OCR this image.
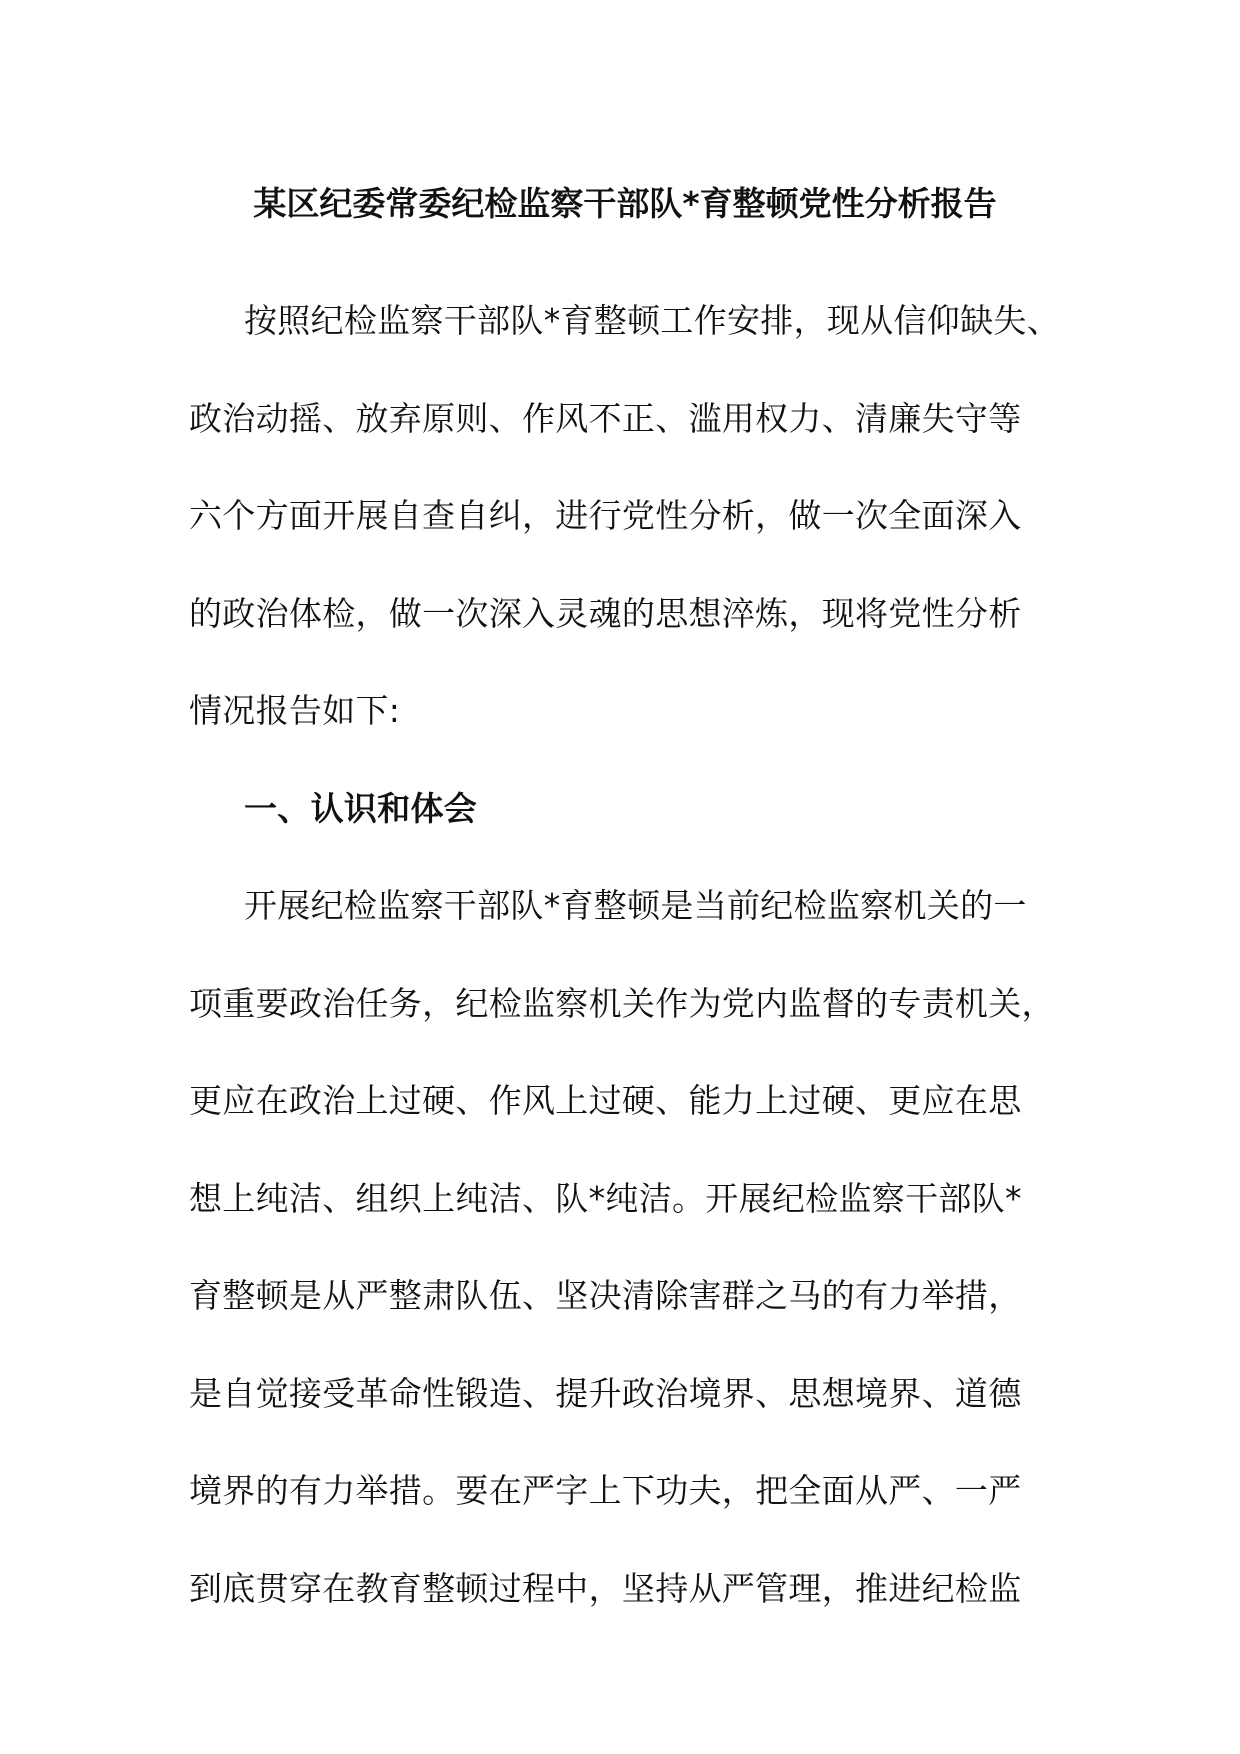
某区纪委常委纪检监察干部队*育整顿党性分析报告
按照纪检监察干部队*育整顿工作安排，现从信仰缺失、
政治动摇、放弃原则、作风不正、滥用权力、清廉失守等
六个方面开展自查自纠，进行党性分析，做一次全面深入
的政治体检，做一次深入灵魂的思想淬炼，现将党性分析
情况报告如下:
一、认识和体会
开展纪检监察干部队*育整顿是当前纪检监察机关的一
项重要政治任务，纪检监察机关作为党内监督的专责机关，
更应在政治上过硬、作风上过硬、能力上过硬、更应在思
想上纯洁、组织上纯洁、队*纯洁。开展纪检监察干部队*
育整顿是从严整肃队伍、坚决清除害群之马的有力举措，
是自觉接受革命性锻造、提升政治境界、思想境界、道德
境界的有力举措。要在严字上下功夫，把全面从严、一严
到底贯穿在教育整顿过程中，坚持从严管理，推进纪检监
